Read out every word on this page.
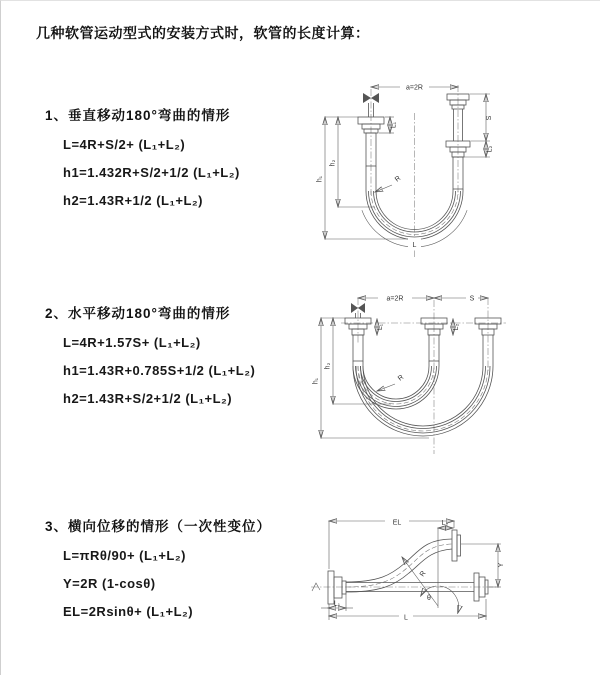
几种软管运动型式的安装方式时，软管的长度计算：
1、垂直移动180°弯曲的情形
L=4R+S/2+ (L₁+L₂)
h1=1.432R+S/2+1/2 (L₁+L₂)
h2=1.43R+1/2 (L₁+L₂)
2、水平移动180°弯曲的情形
L=4R+1.57S+ (L₁+L₂)
h1=1.43R+0.785S+1/2 (L₁+L₂)
h2=1.43R+S/2+1/2 (L₁+L₂)
3、横向位移的情形（一次性变位）
L=πRθ/90+ (L₁+L₂)
Y=2R (1-cosθ)
EL=2Rsinθ+ (L₁+L₂)
a=2R
S
L₂
h₁
h₂
L₁
R
L
a=2R	S
h₁
h₂
L₁	L₂
R
EL	L₂
Y
R
θ
L
L₁
